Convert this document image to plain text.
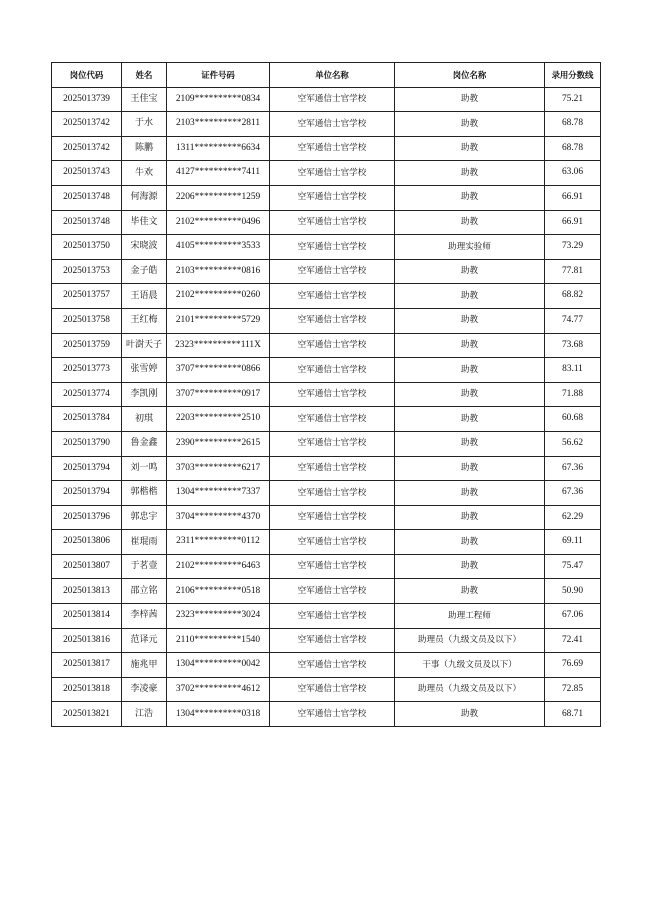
岗位代码	姓名	证件号码	单位名称	岗位名称	录用分数线
2025013739	王佳宝	2109**********0834	空军通信士官学校	助教	75.21
2025013742	于水	2103**********2811	空军通信士官学校	助教	68.78
2025013742	陈鹏	1311**********6634	空军通信士官学校	助教	68.78
2025013743	牛欢	4127**********7411	空军通信士官学校	助教	63.06
2025013748	何海源	2206**********1259	空军通信士官学校	助教	66.91
2025013748	毕佳文	2102**********0496	空军通信士官学校	助教	66.91
2025013750	宋晓波	4105**********3533	空军通信士官学校	助理实验师	73.29
2025013753	金子皓	2103**********0816	空军通信士官学校	助教	77.81
2025013757	王语晨	2102**********0260	空军通信士官学校	助教	68.82
2025013758	王红梅	2101**********5729	空军通信士官学校	助教	74.77
2025013759	叶澍天子	2323**********111X	空军通信士官学校	助教	73.68
2025013773	张雪婷	3707**********0866	空军通信士官学校	助教	83.11
2025013774	李凯刚	3707**********0917	空军通信士官学校	助教	71.88
2025013784	初琪	2203**********2510	空军通信士官学校	助教	60.68
2025013790	鲁金鑫	2390**********2615	空军通信士官学校	助教	56.62
2025013794	刘一鸣	3703**********6217	空军通信士官学校	助教	67.36
2025013794	郭楷楷	1304**********7337	空军通信士官学校	助教	67.36
2025013796	郭忠宇	3704**********4370	空军通信士官学校	助教	62.29
2025013806	崔琨雨	2311**********0112	空军通信士官学校	助教	69.11
2025013807	于茗壹	2102**********6463	空军通信士官学校	助教	75.47
2025013813	邵立铭	2106**********0518	空军通信士官学校	助教	50.90
2025013814	李梓茜	2323**********3024	空军通信士官学校	助理工程师	67.06
2025013816	范译元	2110**********1540	空军通信士官学校	助理员（九级文员及以下）	72.41
2025013817	施兆甲	1304**********0042	空军通信士官学校	干事（九级文员及以下）	76.69
2025013818	李凌豪	3702**********4612	空军通信士官学校	助理员（九级文员及以下）	72.85
2025013821	江浩	1304**********0318	空军通信士官学校	助教	68.71
